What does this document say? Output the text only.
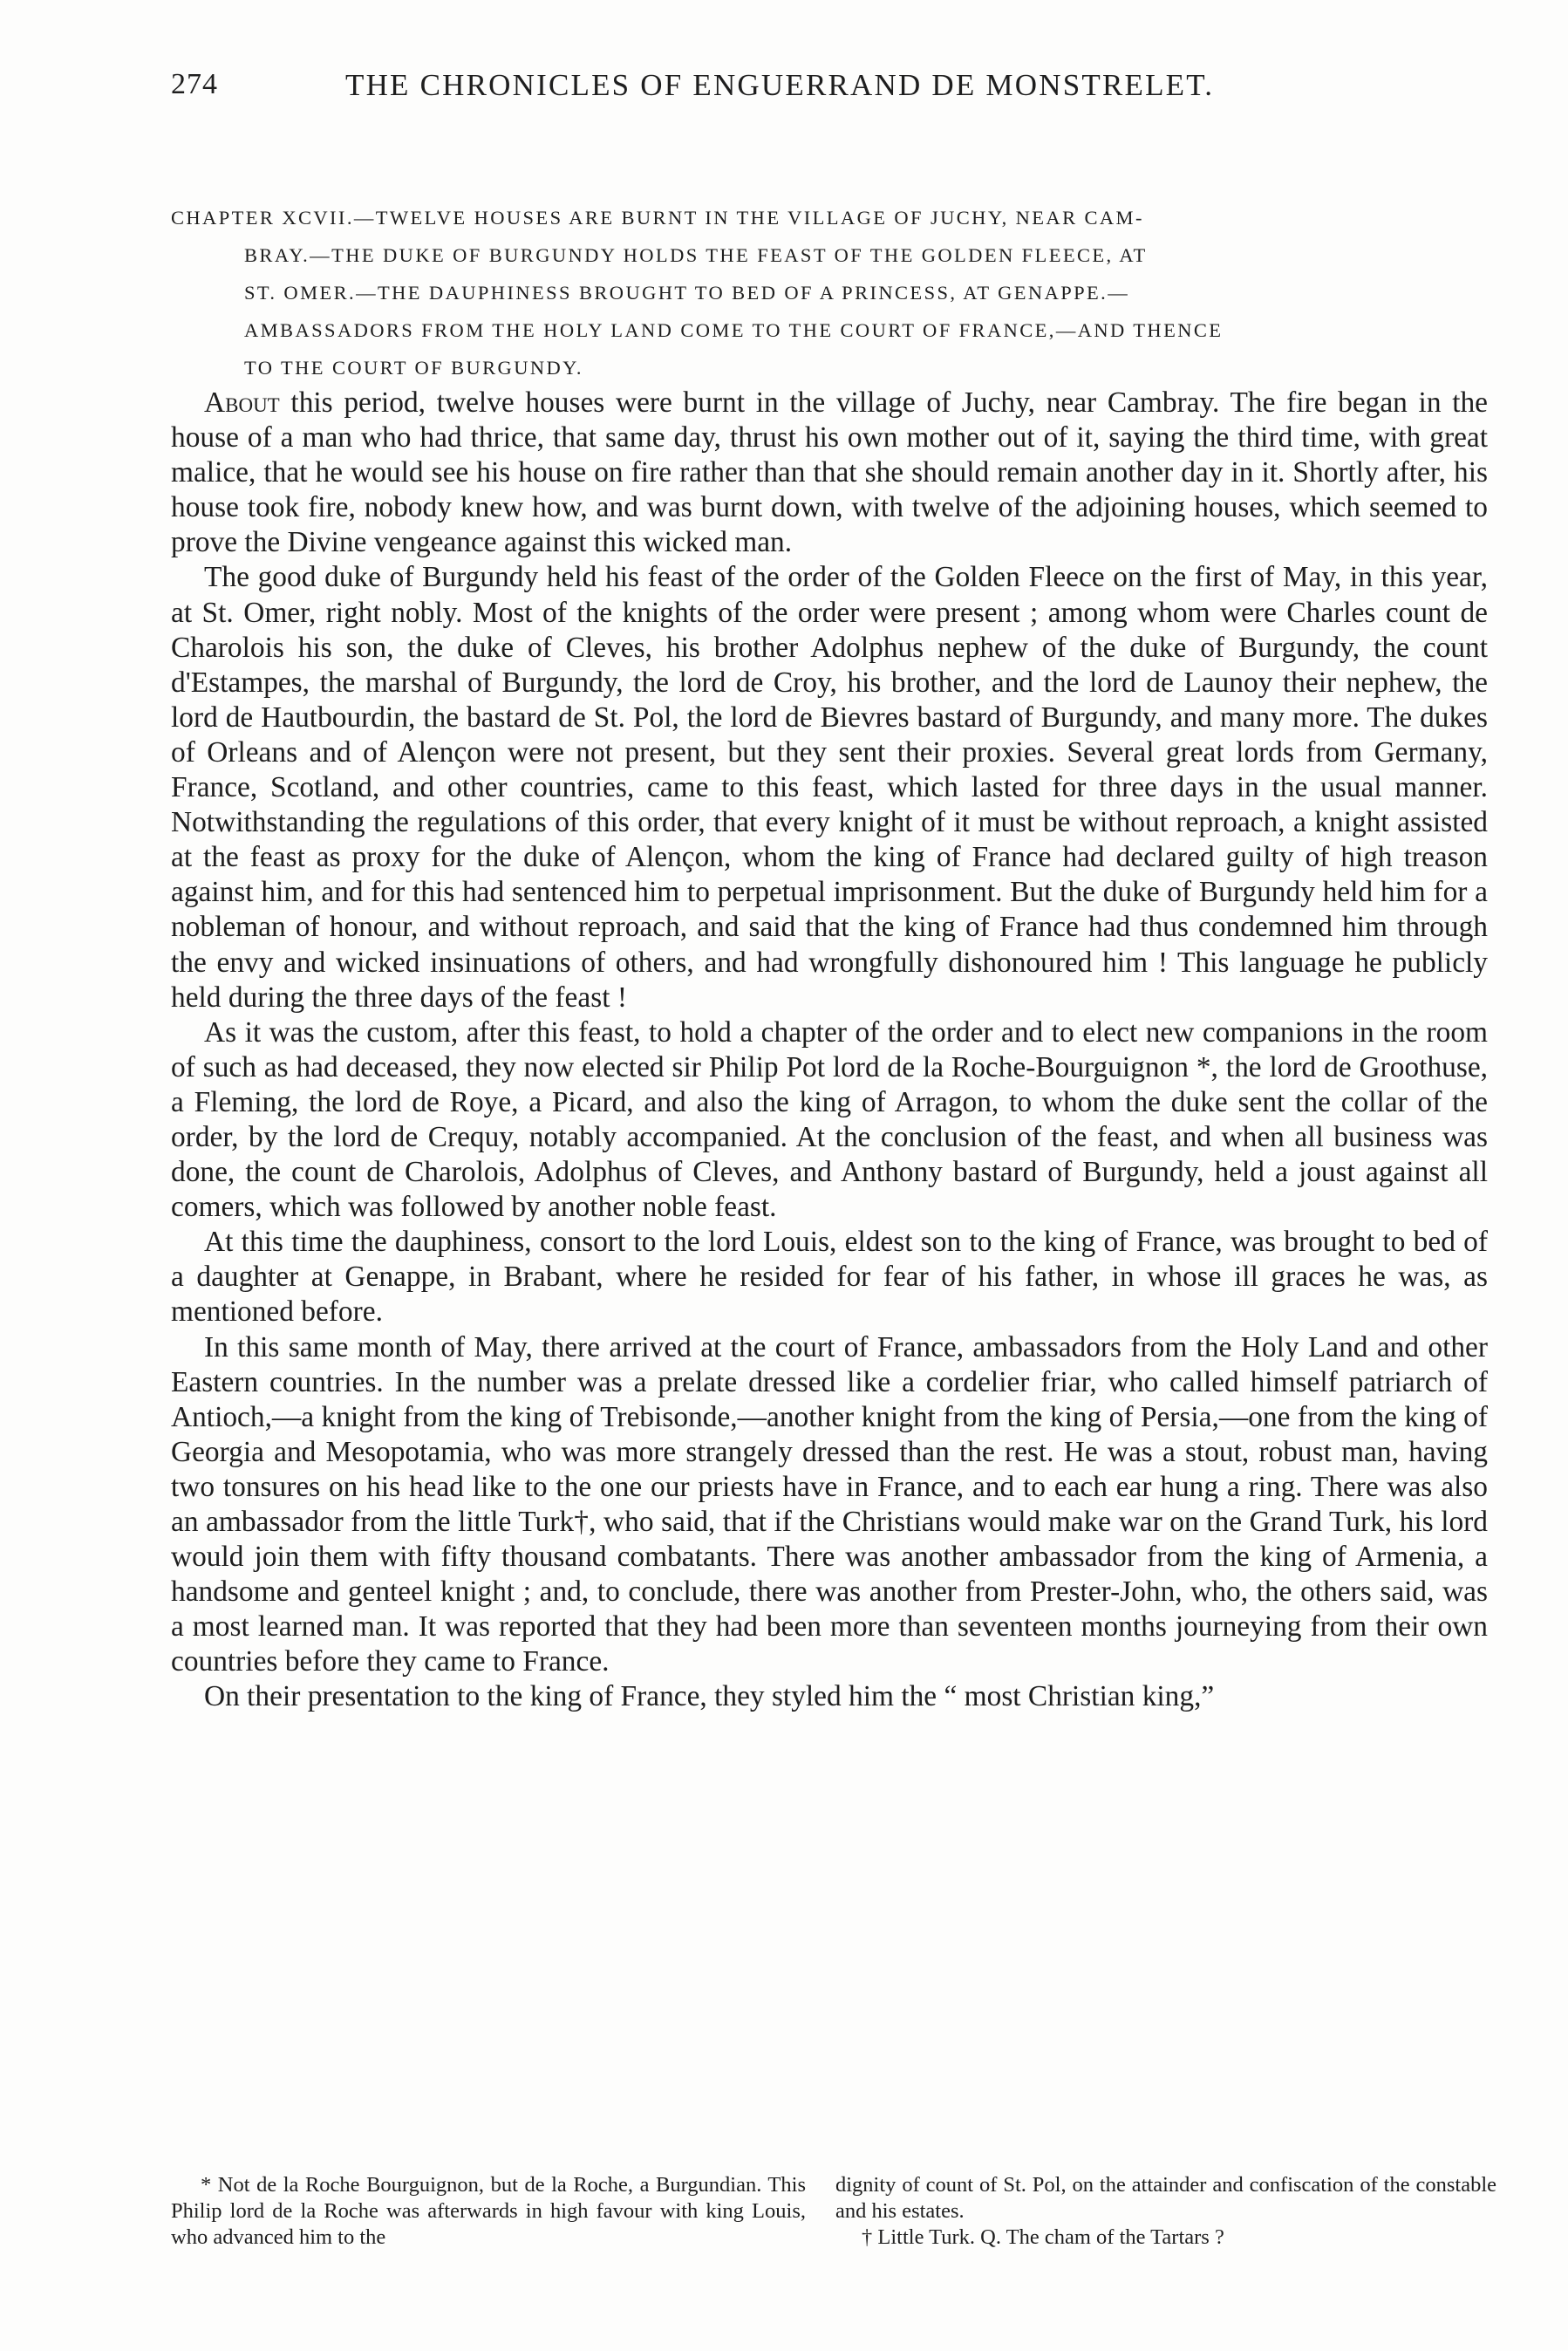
274	THE CHRONICLES OF ENGUERRAND DE MONSTRELET.
CHAPTER XCVII.—TWELVE HOUSES ARE BURNT IN THE VILLAGE OF JUCHY, NEAR CAM-
BRAY.—THE DUKE OF BURGUNDY HOLDS THE FEAST OF THE GOLDEN FLEECE, AT
ST. OMER.—THE DAUPHINESS BROUGHT TO BED OF A PRINCESS, AT GENAPPE.—
AMBASSADORS FROM THE HOLY LAND COME TO THE COURT OF FRANCE,—AND THENCE
TO THE COURT OF BURGUNDY.

About this period, twelve houses were burnt in the village of Juchy, near Cambray. The fire began in the house of a man who had thrice, that same day, thrust his own mother out of it, saying the third time, with great malice, that he would see his house on fire rather than that she should remain another day in it. Shortly after, his house took fire, nobody knew how, and was burnt down, with twelve of the adjoining houses, which seemed to prove the Divine vengeance against this wicked man.

The good duke of Burgundy held his feast of the order of the Golden Fleece on the first of May, in this year, at St. Omer, right nobly. Most of the knights of the order were present ; among whom were Charles count de Charolois his son, the duke of Cleves, his brother Adolphus nephew of the duke of Burgundy, the count d'Estampes, the marshal of Burgundy, the lord de Croy, his brother, and the lord de Launoy their nephew, the lord de Hautbourdin, the bastard de St. Pol, the lord de Bievres bastard of Burgundy, and many more. The dukes of Orleans and of Alençon were not present, but they sent their proxies. Several great lords from Germany, France, Scotland, and other countries, came to this feast, which lasted for three days in the usual manner. Notwithstanding the regulations of this order, that every knight of it must be without reproach, a knight assisted at the feast as proxy for the duke of Alençon, whom the king of France had declared guilty of high treason against him, and for this had sentenced him to perpetual imprisonment. But the duke of Burgundy held him for a nobleman of honour, and without reproach, and said that the king of France had thus condemned him through the envy and wicked insinuations of others, and had wrongfully dishonoured him ! This language he publicly held during the three days of the feast !

As it was the custom, after this feast, to hold a chapter of the order and to elect new companions in the room of such as had deceased, they now elected sir Philip Pot lord de la Roche-Bourguignon *, the lord de Groothuse, a Fleming, the lord de Roye, a Picard, and also the king of Arragon, to whom the duke sent the collar of the order, by the lord de Crequy, notably accompanied. At the conclusion of the feast, and when all business was done, the count de Charolois, Adolphus of Cleves, and Anthony bastard of Burgundy, held a joust against all comers, which was followed by another noble feast.

At this time the dauphiness, consort to the lord Louis, eldest son to the king of France, was brought to bed of a daughter at Genappe, in Brabant, where he resided for fear of his father, in whose ill graces he was, as mentioned before.

In this same month of May, there arrived at the court of France, ambassadors from the Holy Land and other Eastern countries. In the number was a prelate dressed like a cordelier friar, who called himself patriarch of Antioch,—a knight from the king of Trebisonde,—another knight from the king of Persia,—one from the king of Georgia and Mesopotamia, who was more strangely dressed than the rest. He was a stout, robust man, having two tonsures on his head like to the one our priests have in France, and to each ear hung a ring. There was also an ambassador from the little Turk†, who said, that if the Christians would make war on the Grand Turk, his lord would join them with fifty thousand combatants. There was another ambassador from the king of Armenia, a handsome and genteel knight ; and, to conclude, there was another from Prester-John, who, the others said, was a most learned man. It was reported that they had been more than seventeen months journeying from their own countries before they came to France.

On their presentation to the king of France, they styled him the “ most Christian king,”

* Not de la Roche Bourguignon, but de la Roche, a Burgundian. This Philip lord de la Roche was afterwards in high favour with king Louis, who advanced him to the
dignity of count of St. Pol, on the attainder and confiscation of the constable and his estates.
† Little Turk. Q. The cham of the Tartars ?
